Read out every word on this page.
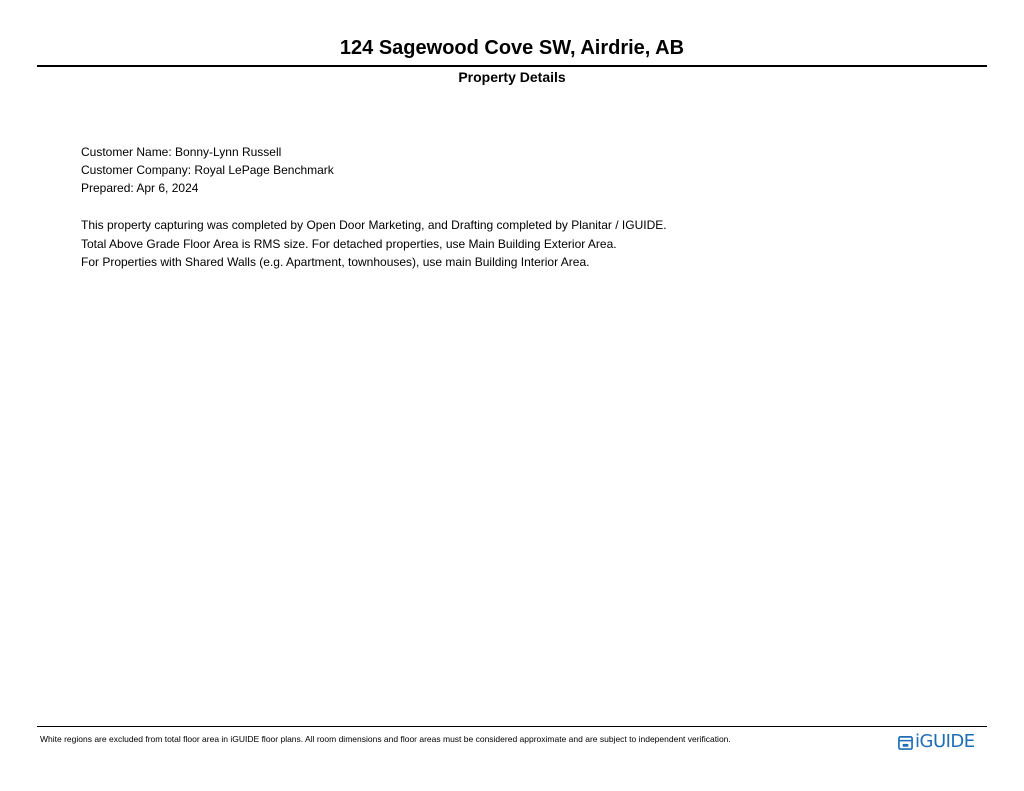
124 Sagewood Cove SW, Airdrie, AB
Property Details
Customer Name: Bonny-Lynn Russell
Customer Company: Royal LePage Benchmark
Prepared: Apr 6, 2024
This property capturing was completed by Open Door Marketing, and Drafting completed by Planitar / IGUIDE.
Total Above Grade Floor Area is RMS size. For detached properties, use Main Building Exterior Area.
For Properties with Shared Walls (e.g. Apartment, townhouses), use main Building Interior Area.
White regions are excluded from total floor area in iGUIDE floor plans. All room dimensions and floor areas must be considered approximate and are subject to independent verification.	iGUIDE
